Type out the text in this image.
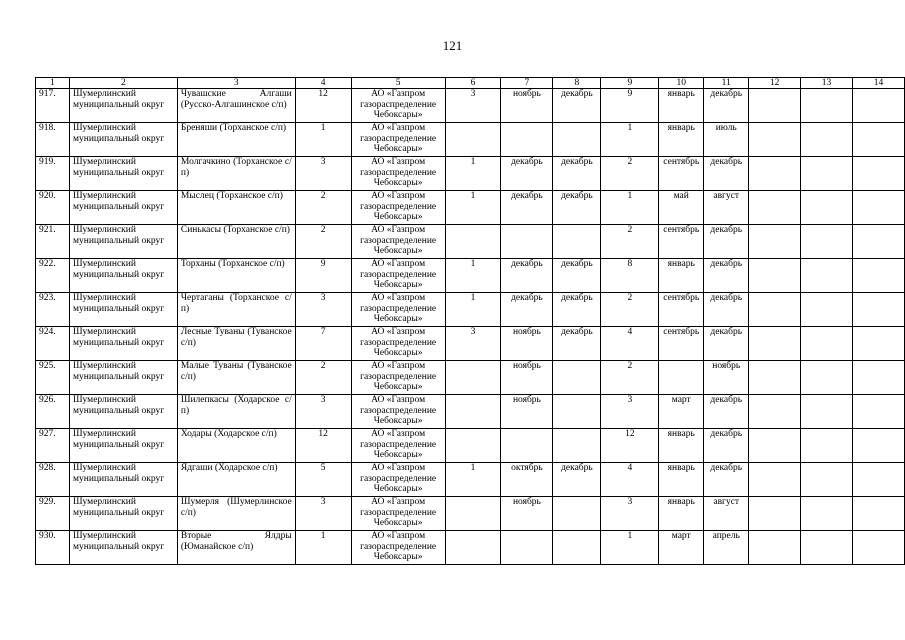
121
1	2	3	4	5	6	7	8	9	10	11	12	13	14
917.	Шумерлинский муниципальный округ	Чувашские Алгаши (Русско-Алгашинское с/п)	12	АО «Газпром газораспределение Чебоксары»	3	ноябрь	декабрь	9	январь	декабрь			
918.	Шумерлинский муниципальный округ	Бреняши (Торханское с/п)	1	АО «Газпром газораспределение Чебоксары»				1	январь	июль			
919.	Шумерлинский муниципальный округ	Молгачкино (Торханское с/п)	3	АО «Газпром газораспределение Чебоксары»	1	декабрь	декабрь	2	сентябрь	декабрь			
920.	Шумерлинский муниципальный округ	Мыслец (Торханское с/п)	2	АО «Газпром газораспределение Чебоксары»	1	декабрь	декабрь	1	май	август			
921.	Шумерлинский муниципальный округ	Синькасы (Торханское с/п)	2	АО «Газпром газораспределение Чебоксары»				2	сентябрь	декабрь			
922.	Шумерлинский муниципальный округ	Торханы (Торханское с/п)	9	АО «Газпром газораспределение Чебоксары»	1	декабрь	декабрь	8	январь	декабрь			
923.	Шумерлинский муниципальный округ	Чертаганы (Торханское с/п)	3	АО «Газпром газораспределение Чебоксары»	1	декабрь	декабрь	2	сентябрь	декабрь			
924.	Шумерлинский муниципальный округ	Лесные Туваны (Туванское с/п)	7	АО «Газпром газораспределение Чебоксары»	3	ноябрь	декабрь	4	сентябрь	декабрь			
925.	Шумерлинский муниципальный округ	Малые Туваны (Туванское с/п)	2	АО «Газпром газораспределение Чебоксары»		ноябрь		2		ноябрь			
926.	Шумерлинский муниципальный округ	Шилепкасы (Ходарское с/п)	3	АО «Газпром газораспределение Чебоксары»		ноябрь		3	март	декабрь			
927.	Шумерлинский муниципальный округ	Ходары (Ходарское с/п)	12	АО «Газпром газораспределение Чебоксары»				12	январь	декабрь			
928.	Шумерлинский муниципальный округ	Ядгаши (Ходарское с/п)	5	АО «Газпром газораспределение Чебоксары»	1	октябрь	декабрь	4	январь	декабрь			
929.	Шумерлинский муниципальный округ	Шумерля (Шумерлинское с/п)	3	АО «Газпром газораспределение Чебоксары»		ноябрь		3	январь	август			
930.	Шумерлинский муниципальный округ	Вторые Ялдры (Юманайское с/п)	1	АО «Газпром газораспределение Чебоксары»				1	март	апрель			
